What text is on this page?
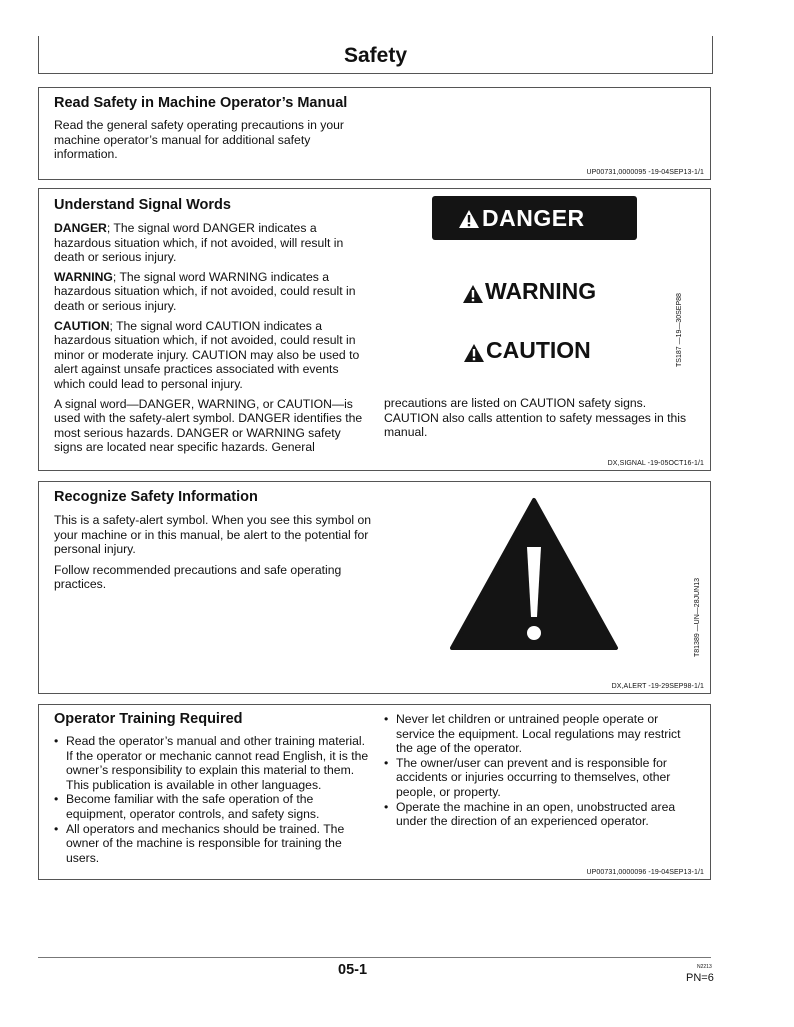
Safety
Read Safety in Machine Operator’s Manual
Read the general safety operating precautions in your machine operator’s manual for additional safety information.
UP00731,0000095 -19-04SEP13-1/1
Understand Signal Words

DANGER; The signal word DANGER indicates a hazardous situation which, if not avoided, will result in death or serious injury.

WARNING; The signal word WARNING indicates a hazardous situation which, if not avoided, could result in death or serious injury.

CAUTION; The signal word CAUTION indicates a hazardous situation which, if not avoided, could result in minor or moderate injury. CAUTION may also be used to alert against unsafe practices associated with events which could lead to personal injury.

A signal word—DANGER, WARNING, or CAUTION—is used with the safety-alert symbol. DANGER identifies the most serious hazards. DANGER or WARNING safety signs are located near specific hazards. General

precautions are listed on CAUTION safety signs. CAUTION also calls attention to safety messages in this manual.
DANGER
WARNING
CAUTION	TS187 —19—30SEP88
DX,SIGNAL -19-05OCT16-1/1
Recognize Safety Information

This is a safety-alert symbol. When you see this symbol on your machine or in this manual, be alert to the potential for personal injury.

Follow recommended precautions and safe operating practices.	T81389 —UN—28JUN13
DX,ALERT -19-29SEP98-1/1
Operator Training Required

• Read the operator’s manual and other training material. If the operator or mechanic cannot read English, it is the owner’s responsibility to explain this material to them. This publication is available in other languages.

• Become familiar with the safe operation of the equipment, operator controls, and safety signs.

• All operators and mechanics should be trained. The owner of the machine is responsible for training the users.

• Never let children or untrained people operate or service the equipment. Local regulations may restrict the age of the operator.

• The owner/user can prevent and is responsible for accidents or injuries occurring to themselves, other people, or property.

• Operate the machine in an open, unobstructed area under the direction of an experienced operator.

UP00731,0000096 -19-04SEP13-1/1
05-1	N2213
PN=6
